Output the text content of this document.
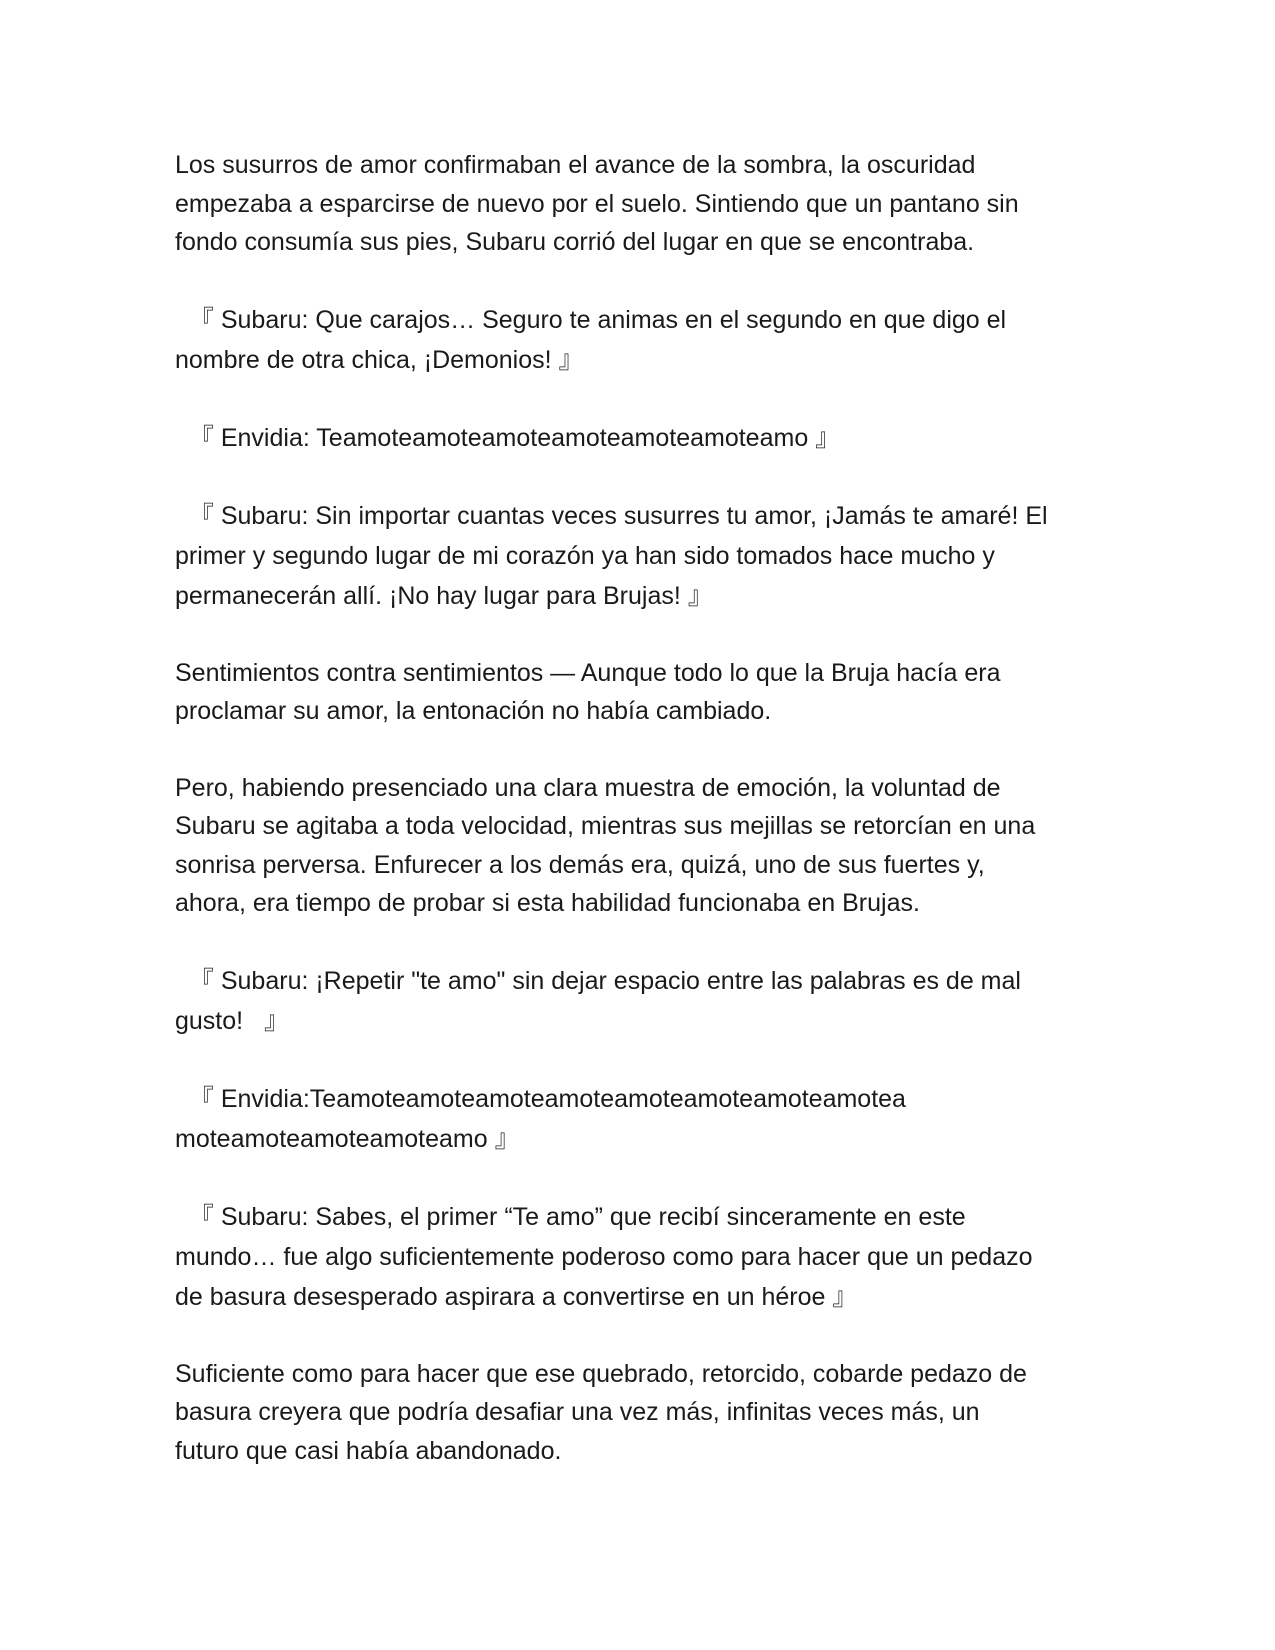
Los susurros de amor confirmaban el avance de la sombra, la oscuridad
empezaba a esparcirse de nuevo por el suelo. Sintiendo que un pantano sin
fondo consumía sus pies, Subaru corrió del lugar en que se encontraba.

『 Subaru: Que carajos… Seguro te animas en el segundo en que digo el
nombre de otra chica, ¡Demonios! 』

『 Envidia: Teamoteamoteamoteamoteamoteamoteamo 』

『 Subaru: Sin importar cuantas veces susurres tu amor, ¡Jamás te amaré! El
primer y segundo lugar de mi corazón ya han sido tomados hace mucho y
permanecerán allí. ¡No hay lugar para Brujas! 』

Sentimientos contra sentimientos — Aunque todo lo que la Bruja hacía era
proclamar su amor, la entonación no había cambiado.

Pero, habiendo presenciado una clara muestra de emoción, la voluntad de
Subaru se agitaba a toda velocidad, mientras sus mejillas se retorcían en una
sonrisa perversa. Enfurecer a los demás era, quizá, uno de sus fuertes y,
ahora, era tiempo de probar si esta habilidad funcionaba en Brujas.

『 Subaru: ¡Repetir "te amo" sin dejar espacio entre las palabras es de mal
gusto!   』

『 Envidia:Teamoteamoteamoteamoteamoteamoteamoteamotea
moteamoteamoteamoteamo 』

『 Subaru: Sabes, el primer “Te amo” que recibí sinceramente en este
mundo… fue algo suficientemente poderoso como para hacer que un pedazo
de basura desesperado aspirara a convertirse en un héroe 』

Suficiente como para hacer que ese quebrado, retorcido, cobarde pedazo de
basura creyera que podría desafiar una vez más, infinitas veces más, un
futuro que casi había abandonado.
